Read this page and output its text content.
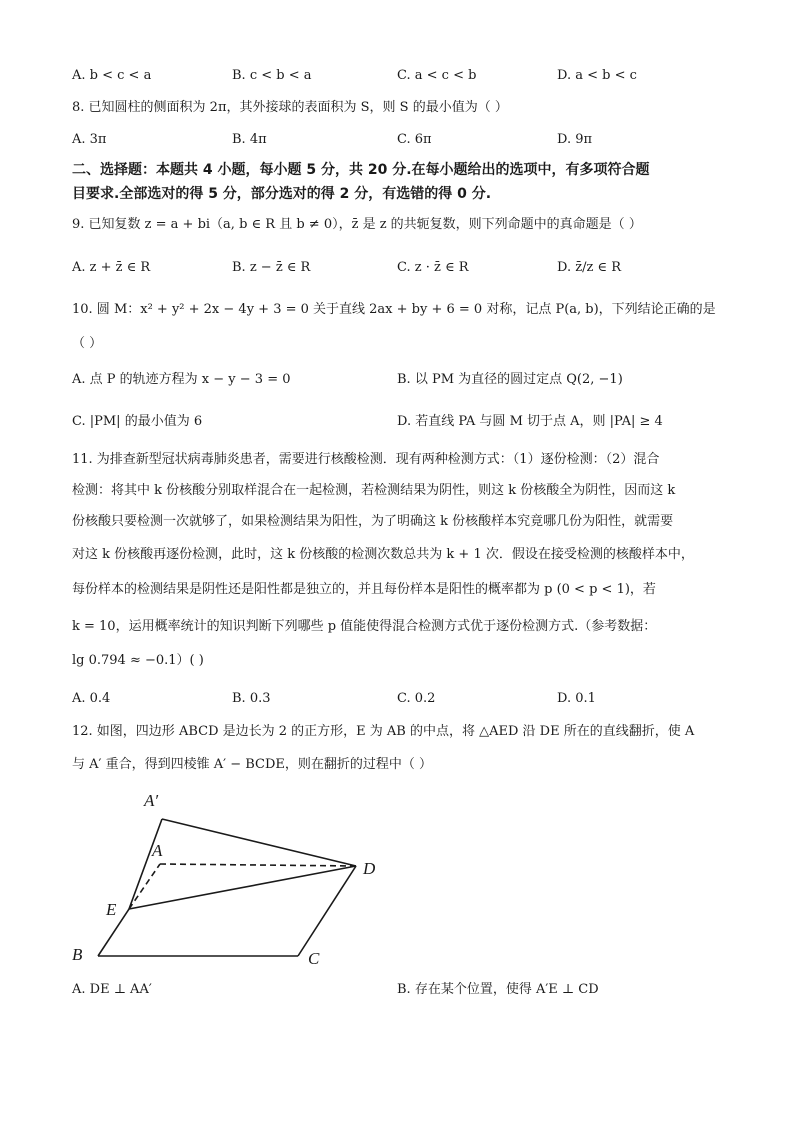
A. b < c < a	B. c < b < a	C. a < c < b	D. a < b < c
8. 已知圆柱的侧面积为 2π，其外接球的表面积为 S，则 S 的最小值为（ ）
A. 3π	B. 4π	C. 6π	D. 9π
二、选择题：本题共 4 小题，每小题 5 分，共 20 分.在每小题给出的选项中，有多项符合题
目要求.全部选对的得 5 分，部分选对的得 2 分，有选错的得 0 分.
9. 已知复数 z = a + bi（a, b ∈ R 且 b ≠ 0），z̄ 是 z 的共轭复数，则下列命题中的真命题是（ ）
A. z + z̄ ∈ R	B. z − z̄ ∈ R	C. z · z̄ ∈ R	D. z̄/z ∈ R
10. 圆 M：x² + y² + 2x − 4y + 3 = 0 关于直线 2ax + by + 6 = 0 对称，记点 P(a, b)，下列结论正确的是
（ ）
A. 点 P 的轨迹方程为 x − y − 3 = 0	B. 以 PM 为直径的圆过定点 Q(2, −1)
C. |PM| 的最小值为 6	D. 若直线 PA 与圆 M 切于点 A，则 |PA| ≥ 4
11. 为排查新型冠状病毒肺炎患者，需要进行核酸检测．现有两种检测方式：（1）逐份检测：（2）混合
检测：将其中 k 份核酸分别取样混合在一起检测，若检测结果为阴性，则这 k 份核酸全为阴性，因而这 k
份核酸只要检测一次就够了，如果检测结果为阳性，为了明确这 k 份核酸样本究竟哪几份为阳性，就需要
对这 k 份核酸再逐份检测，此时，这 k 份核酸的检测次数总共为 k + 1 次．假设在接受检测的核酸样本中，
每份样本的检测结果是阴性还是阳性都是独立的，并且每份样本是阳性的概率都为 p (0 < p < 1)，若
k = 10，运用概率统计的知识判断下列哪些 p 值能使得混合检测方式优于逐份检测方式.（参考数据：
lg 0.794 ≈ −0.1）( )
A. 0.4	B. 0.3	C. 0.2	D. 0.1
12. 如图，四边形 ABCD 是边长为 2 的正方形，E 为 AB 的中点，将 △AED 沿 DE 所在的直线翻折，使 A
与 A′ 重合，得到四棱锥 A′ − BCDE，则在翻折的过程中（ ）
A′
A
D
E
B	C
A. DE ⊥ AA′	B. 存在某个位置，使得 A′E ⊥ CD
